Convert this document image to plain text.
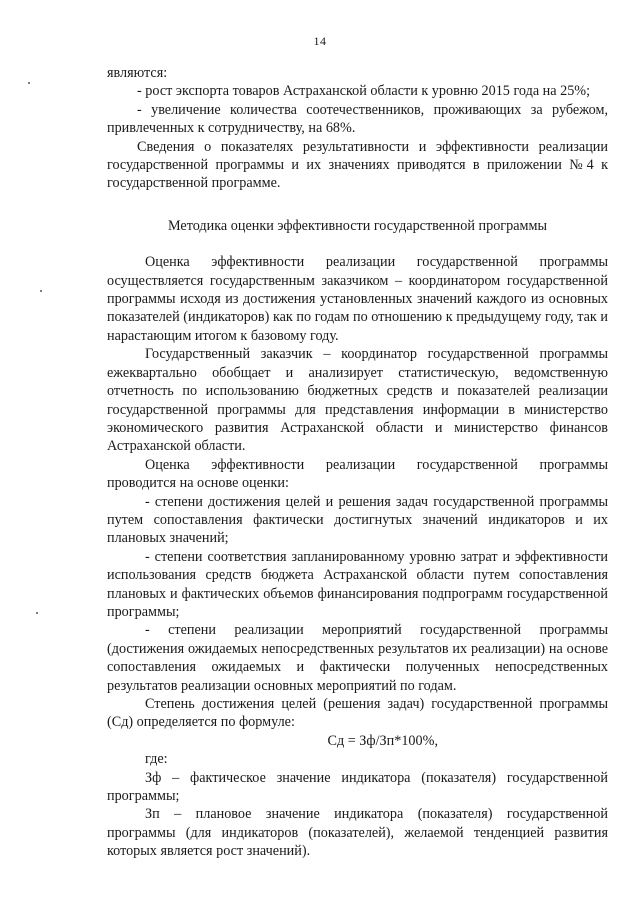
14

являются:

- рост экспорта товаров Астраханской области к уровню 2015 года на 25%;

- увеличение количества соотечественников, проживающих за рубежом, привлеченных к сотрудничеству, на 68%.

Сведения о показателях результативности и эффективности реализации государственной программы и их значениях приводятся в приложении №4 к государственной программе.

Методика оценки эффективности государственной программы

Оценка эффективности реализации государственной программы осуществляется государственным заказчиком – координатором государственной программы исходя из достижения установленных значений каждого из основных показателей (индикаторов) как по годам по отношению к предыдущему году, так и нарастающим итогом к базовому году.

Государственный заказчик – координатор государственной программы ежеквартально обобщает и анализирует статистическую, ведомственную отчетность по использованию бюджетных средств и показателей реализации государственной программы для представления информации в министерство экономического развития Астраханской области и министерство финансов Астраханской области.

Оценка эффективности реализации государственной программы проводится на основе оценки:

- степени достижения целей и решения задач государственной программы путем сопоставления фактически достигнутых значений индикаторов и их плановых значений;

- степени соответствия запланированному уровню затрат и эффективности использования средств бюджета Астраханской области путем сопоставления плановых и фактических объемов финансирования подпрограмм государственной программы;

- степени реализации мероприятий государственной программы (достижения ожидаемых непосредственных результатов их реализации) на основе сопоставления ожидаемых и фактически полученных непосредственных результатов реализации основных мероприятий по годам.

Степень достижения целей (решения задач) государственной программы (Сд) определяется по формуле:

Сд = Зф/Зп*100%,

где:

Зф – фактическое значение индикатора (показателя) государственной программы;

Зп – плановое значение индикатора (показателя) государственной программы (для индикаторов (показателей), желаемой тенденцией развития которых является рост значений).
